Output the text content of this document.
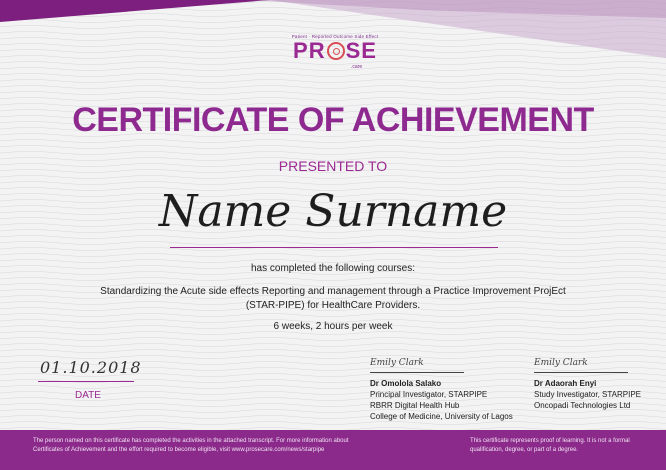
Patient · Reported Outcome Side Effect
PR SE
.care
CERTIFICATE OF ACHIEVEMENT
PRESENTED TO
Name Surname
has completed the following courses:
Standardizing the Acute side effects Reporting and management through a Practice Improvement ProjEct (STAR-PIPE) for HealthCare Providers.
6 weeks, 2 hours per week
01.10.2018
DATE
Emily Clark
Dr Omolola Salako
Principal Investigator, STARPIPE
RBRR Digital Health Hub
College of Medicine, University of Lagos
Emily Clark
Dr Adaorah Enyi
Study Investigator, STARPIPE
Oncopadi Technologies Ltd
The person named on this certificate has completed the activities in the attached transcript. For more information about Certificates of Achievement and the effort required to become eligible, visit www.prosecare.com/news/starpipe
This certificate represents proof of learning. It is not a formal qualification, degree, or part of a degree.
